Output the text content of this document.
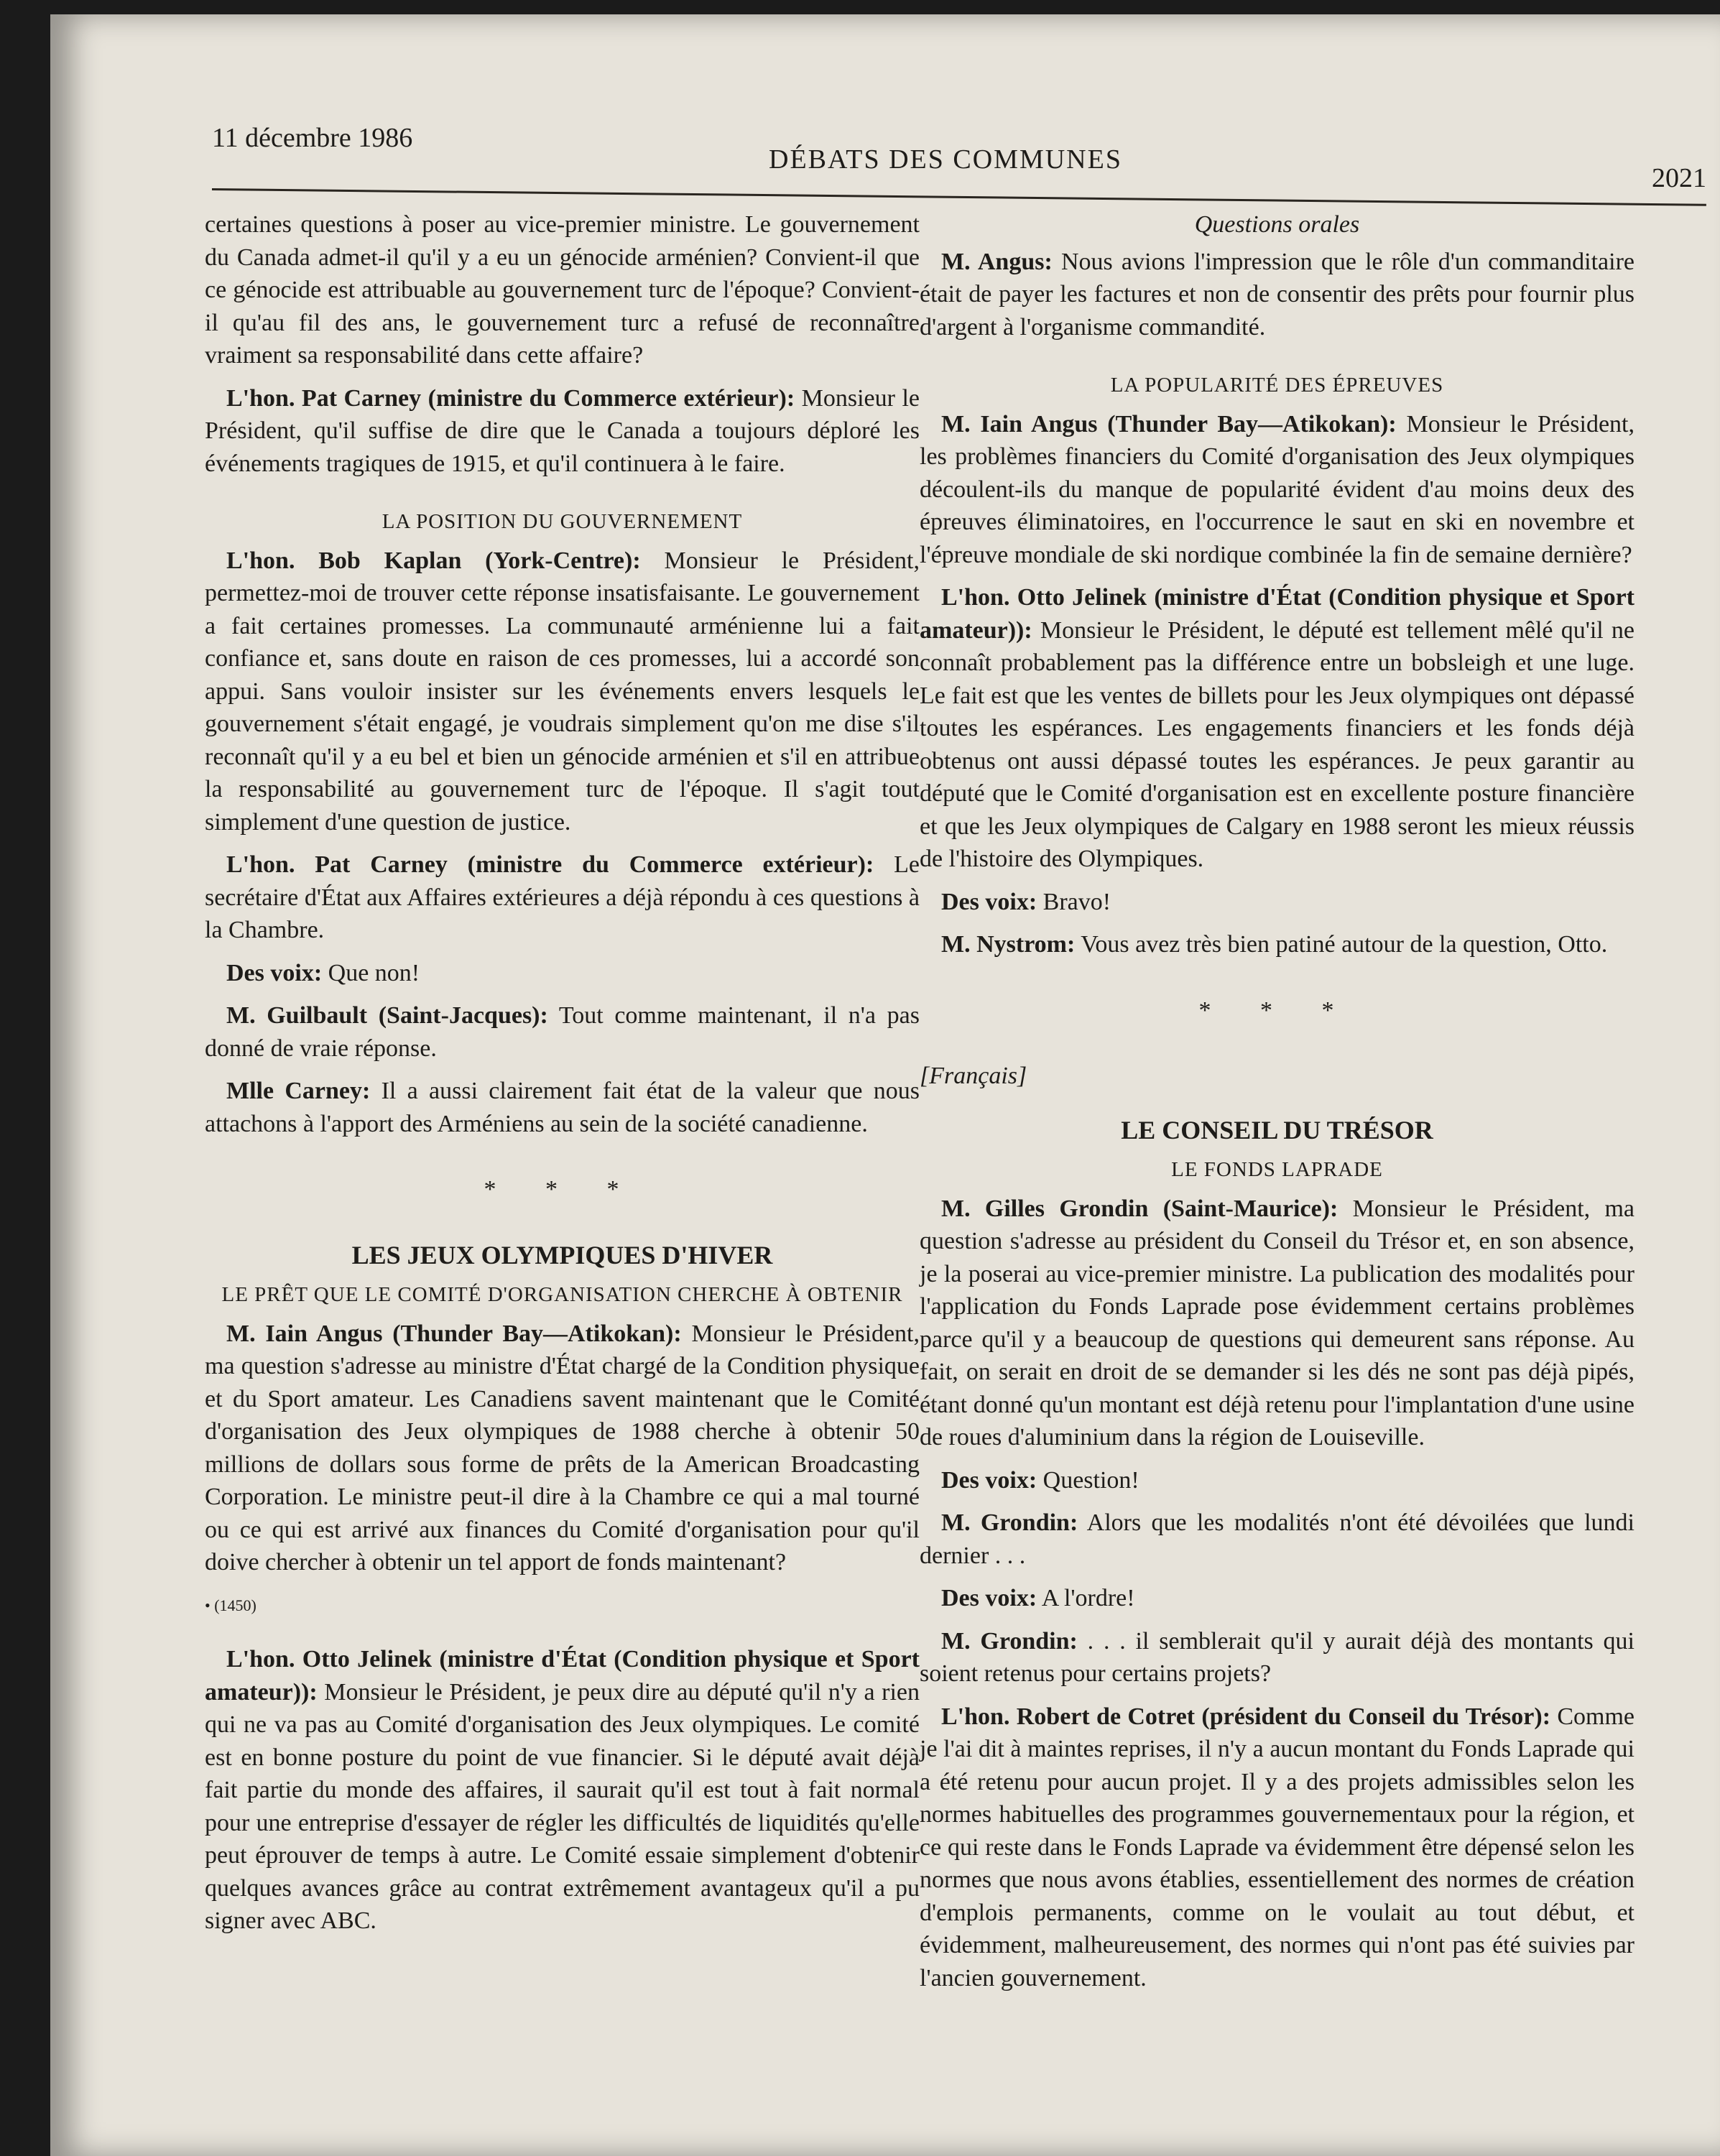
11 décembre 1986
DÉBATS DES COMMUNES
2021

certaines questions à poser au vice-premier ministre. Le gouvernement du Canada admet-il qu'il y a eu un génocide arménien? Convient-il que ce génocide est attribuable au gouvernement turc de l'époque? Convient-il qu'au fil des ans, le gouvernement turc a refusé de reconnaître vraiment sa responsabilité dans cette affaire?

L'hon. Pat Carney (ministre du Commerce extérieur): Monsieur le Président, qu'il suffise de dire que le Canada a toujours déploré les événements tragiques de 1915, et qu'il continuera à le faire.

LA POSITION DU GOUVERNEMENT

L'hon. Bob Kaplan (York-Centre): Monsieur le Président, permettez-moi de trouver cette réponse insatisfaisante. Le gouvernement a fait certaines promesses. La communauté arménienne lui a fait confiance et, sans doute en raison de ces promesses, lui a accordé son appui. Sans vouloir insister sur les événements envers lesquels le gouvernement s'était engagé, je voudrais simplement qu'on me dise s'il reconnaît qu'il y a eu bel et bien un génocide arménien et s'il en attribue la responsabilité au gouvernement turc de l'époque. Il s'agit tout simplement d'une question de justice.

L'hon. Pat Carney (ministre du Commerce extérieur): Le secrétaire d'État aux Affaires extérieures a déjà répondu à ces questions à la Chambre.

Des voix: Que non!

M. Guilbault (Saint-Jacques): Tout comme maintenant, il n'a pas donné de vraie réponse.

Mlle Carney: Il a aussi clairement fait état de la valeur que nous attachons à l'apport des Arméniens au sein de la société canadienne.

* * *
LES JEUX OLYMPIQUES D'HIVER
LE PRÊT QUE LE COMITÉ D'ORGANISATION CHERCHE À OBTENIR

M. Iain Angus (Thunder Bay—Atikokan): Monsieur le Président, ma question s'adresse au ministre d'État chargé de la Condition physique et du Sport amateur. Les Canadiens savent maintenant que le Comité d'organisation des Jeux olympiques de 1988 cherche à obtenir 50 millions de dollars sous forme de prêts de la American Broadcasting Corporation. Le ministre peut-il dire à la Chambre ce qui a mal tourné ou ce qui est arrivé aux finances du Comité d'organisation pour qu'il doive chercher à obtenir un tel apport de fonds maintenant?

• (1450)

L'hon. Otto Jelinek (ministre d'État (Condition physique et Sport amateur)): Monsieur le Président, je peux dire au député qu'il n'y a rien qui ne va pas au Comité d'organisation des Jeux olympiques. Le comité est en bonne posture du point de vue financier. Si le député avait déjà fait partie du monde des affaires, il saurait qu'il est tout à fait normal pour une entreprise d'essayer de régler les difficultés de liquidités qu'elle peut éprouver de temps à autre. Le Comité essaie simplement d'obtenir quelques avances grâce au contrat extrêmement avantageux qu'il a pu signer avec ABC.

Questions orales

M. Angus: Nous avions l'impression que le rôle d'un commanditaire était de payer les factures et non de consentir des prêts pour fournir plus d'argent à l'organisme commandité.

LA POPULARITÉ DES ÉPREUVES

M. Iain Angus (Thunder Bay—Atikokan): Monsieur le Président, les problèmes financiers du Comité d'organisation des Jeux olympiques découlent-ils du manque de popularité évident d'au moins deux des épreuves éliminatoires, en l'occurrence le saut en ski en novembre et l'épreuve mondiale de ski nordique combinée la fin de semaine dernière?

L'hon. Otto Jelinek (ministre d'État (Condition physique et Sport amateur)): Monsieur le Président, le député est tellement mêlé qu'il ne connaît probablement pas la différence entre un bobsleigh et une luge. Le fait est que les ventes de billets pour les Jeux olympiques ont dépassé toutes les espérances. Les engagements financiers et les fonds déjà obtenus ont aussi dépassé toutes les espérances. Je peux garantir au député que le Comité d'organisation est en excellente posture financière et que les Jeux olympiques de Calgary en 1988 seront les mieux réussis de l'histoire des Olympiques.

Des voix: Bravo!

M. Nystrom: Vous avez très bien patiné autour de la question, Otto.

* * *
[Français]
LE CONSEIL DU TRÉSOR
LE FONDS LAPRADE

M. Gilles Grondin (Saint-Maurice): Monsieur le Président, ma question s'adresse au président du Conseil du Trésor et, en son absence, je la poserai au vice-premier ministre. La publication des modalités pour l'application du Fonds Laprade pose évidemment certains problèmes parce qu'il y a beaucoup de questions qui demeurent sans réponse. Au fait, on serait en droit de se demander si les dés ne sont pas déjà pipés, étant donné qu'un montant est déjà retenu pour l'implantation d'une usine de roues d'aluminium dans la région de Louiseville.

Des voix: Question!

M. Grondin: Alors que les modalités n'ont été dévoilées que lundi dernier . . .

Des voix: A l'ordre!

M. Grondin: . . . il semblerait qu'il y aurait déjà des montants qui soient retenus pour certains projets?

L'hon. Robert de Cotret (président du Conseil du Trésor): Comme je l'ai dit à maintes reprises, il n'y a aucun montant du Fonds Laprade qui a été retenu pour aucun projet. Il y a des projets admissibles selon les normes habituelles des programmes gouvernementaux pour la région, et ce qui reste dans le Fonds Laprade va évidemment être dépensé selon les normes que nous avons établies, essentiellement des normes de création d'emplois permanents, comme on le voulait au tout début, et évidemment, malheureusement, des normes qui n'ont pas été suivies par l'ancien gouvernement.
